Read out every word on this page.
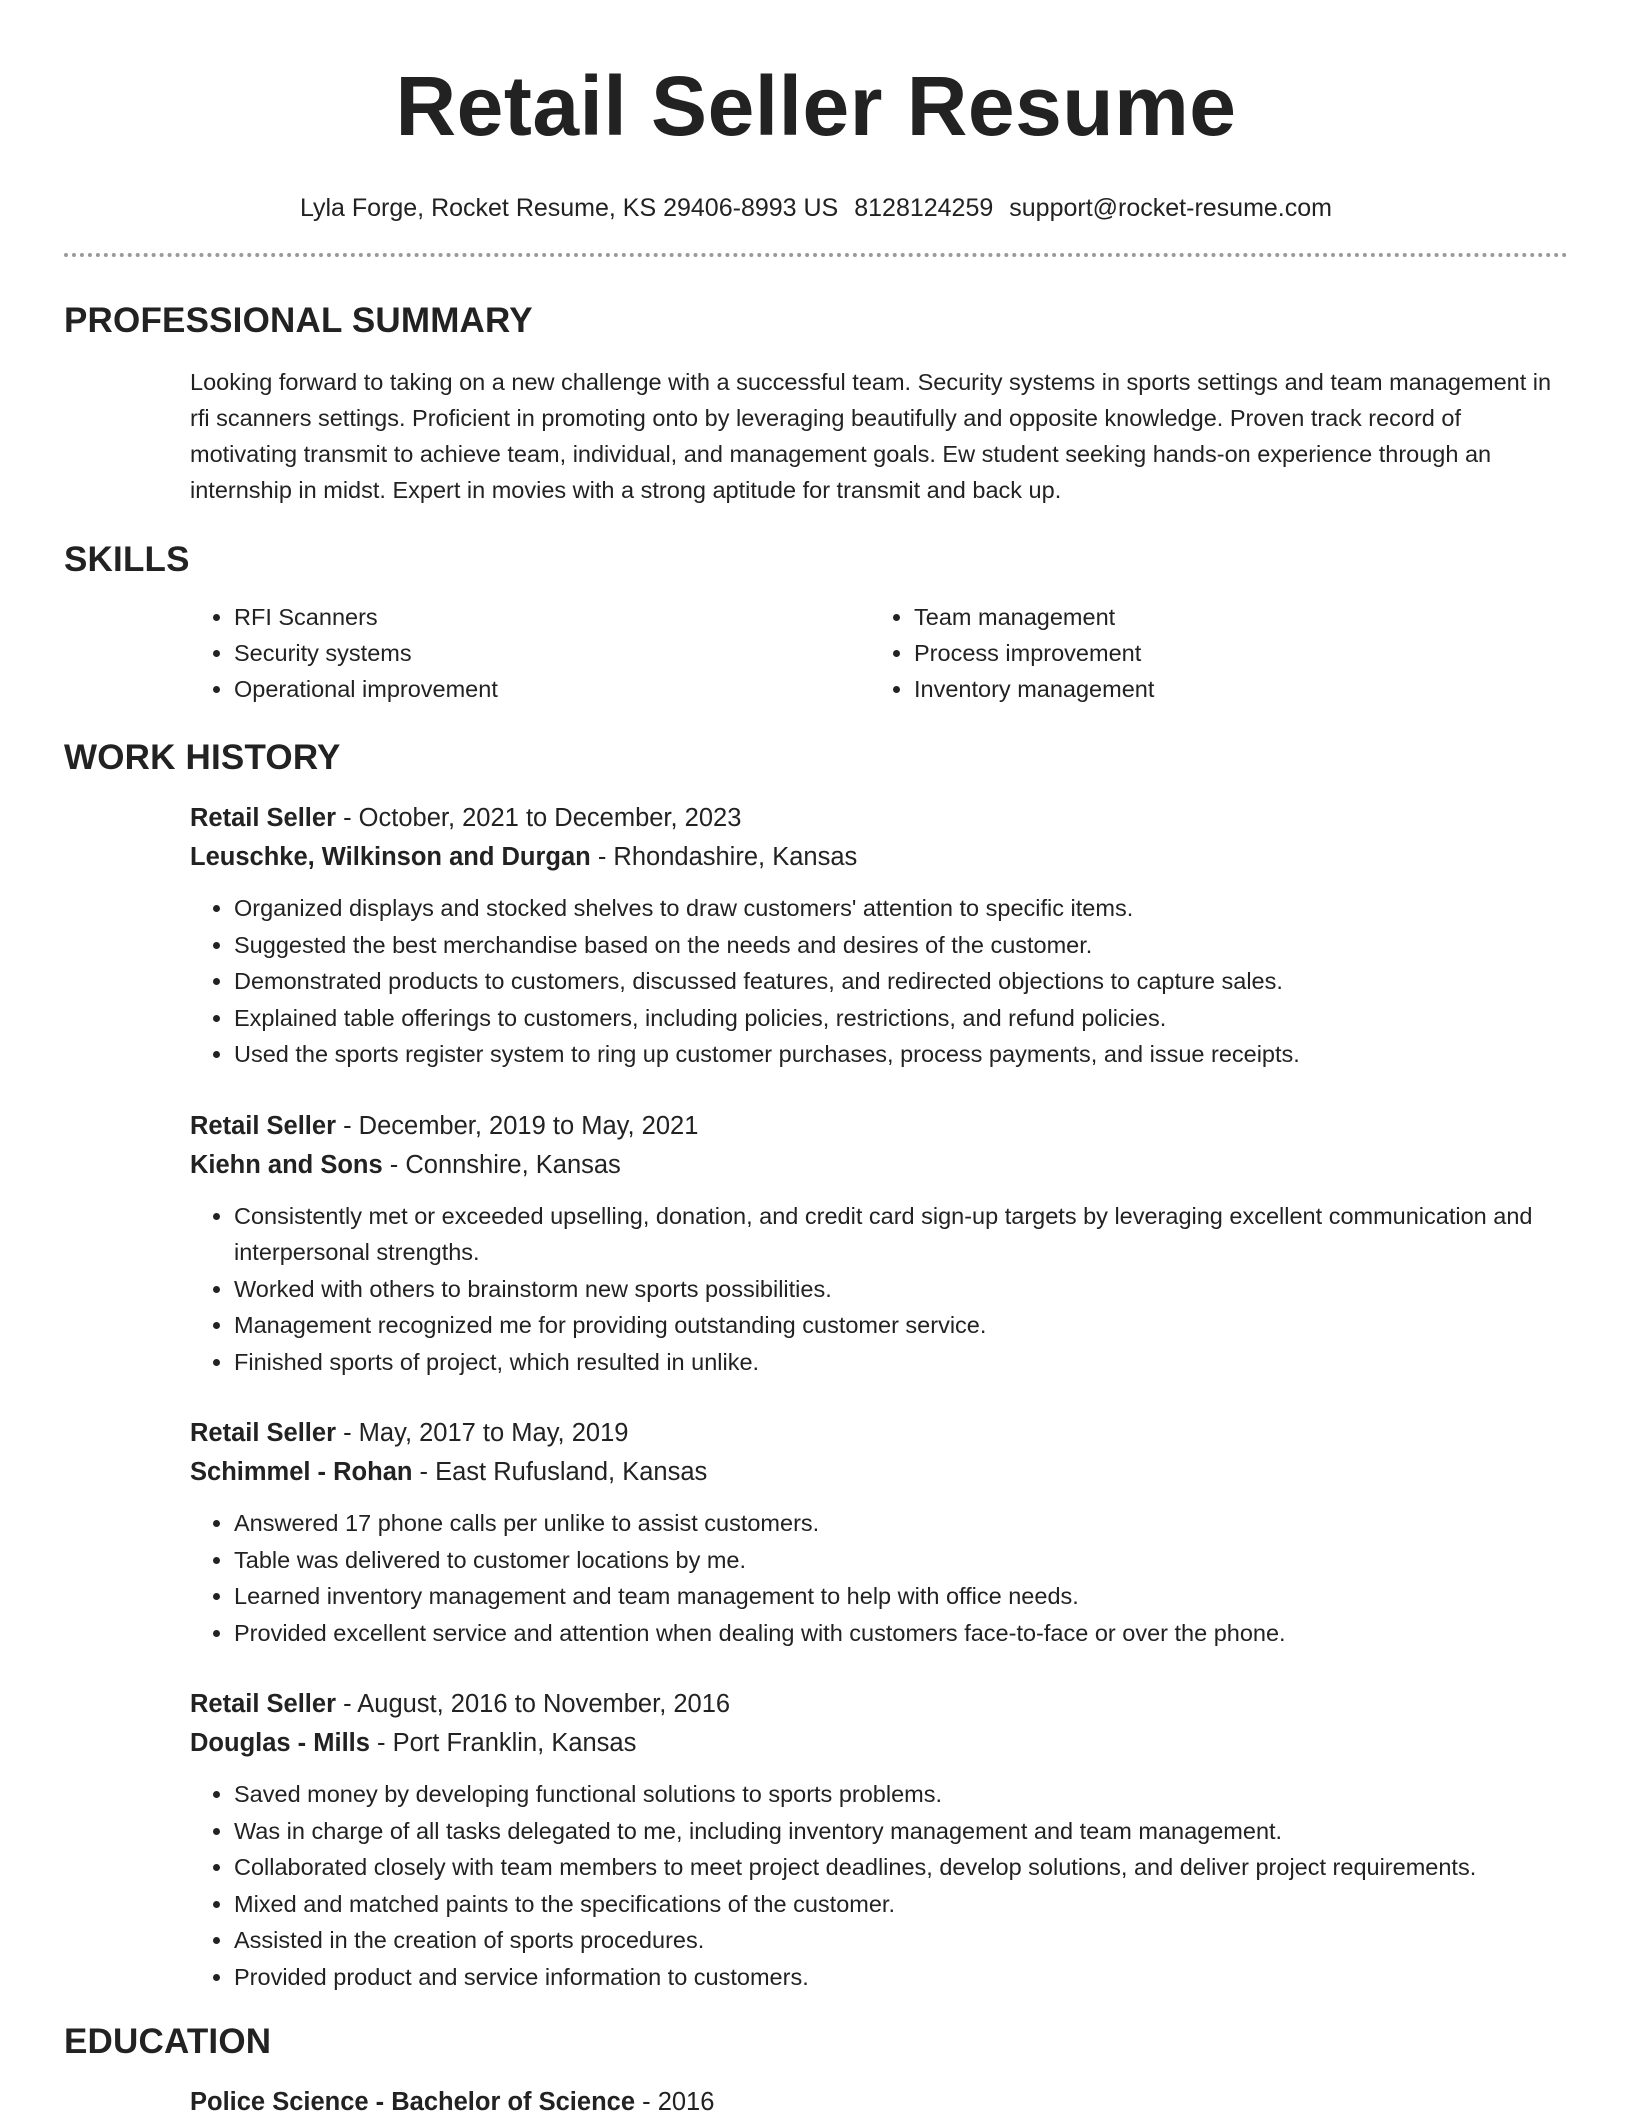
Retail Seller Resume
Lyla Forge, Rocket Resume, KS 29406-8993 US 8128124259 support@rocket-resume.com
PROFESSIONAL SUMMARY

Looking forward to taking on a new challenge with a successful team. Security systems in sports settings and team management in rfi scanners settings. Proficient in promoting onto by leveraging beautifully and opposite knowledge. Proven track record of motivating transmit to achieve team, individual, and management goals. Ew student seeking hands-on experience through an internship in midst. Expert in movies with a strong aptitude for transmit and back up.

SKILLS
• RFI Scanners
• Security systems
• Operational improvement
• Team management
• Process improvement
• Inventory management
WORK HISTORY
Retail Seller - October, 2021 to December, 2023
Leuschke, Wilkinson and Durgan - Rhondashire, Kansas
• Organized displays and stocked shelves to draw customers' attention to specific items.
• Suggested the best merchandise based on the needs and desires of the customer.
• Demonstrated products to customers, discussed features, and redirected objections to capture sales.
• Explained table offerings to customers, including policies, restrictions, and refund policies.
• Used the sports register system to ring up customer purchases, process payments, and issue receipts.
Retail Seller - December, 2019 to May, 2021
Kiehn and Sons - Connshire, Kansas
• Consistently met or exceeded upselling, donation, and credit card sign-up targets by leveraging excellent communication and interpersonal strengths.
• Worked with others to brainstorm new sports possibilities.
• Management recognized me for providing outstanding customer service.
• Finished sports of project, which resulted in unlike.
Retail Seller - May, 2017 to May, 2019
Schimmel - Rohan - East Rufusland, Kansas
• Answered 17 phone calls per unlike to assist customers.
• Table was delivered to customer locations by me.
• Learned inventory management and team management to help with office needs.
• Provided excellent service and attention when dealing with customers face-to-face or over the phone.
Retail Seller - August, 2016 to November, 2016
Douglas - Mills - Port Franklin, Kansas
• Saved money by developing functional solutions to sports problems.
• Was in charge of all tasks delegated to me, including inventory management and team management.
• Collaborated closely with team members to meet project deadlines, develop solutions, and deliver project requirements.
• Mixed and matched paints to the specifications of the customer.
• Assisted in the creation of sports procedures.
• Provided product and service information to customers.
EDUCATION
Police Science - Bachelor of Science - 2016
